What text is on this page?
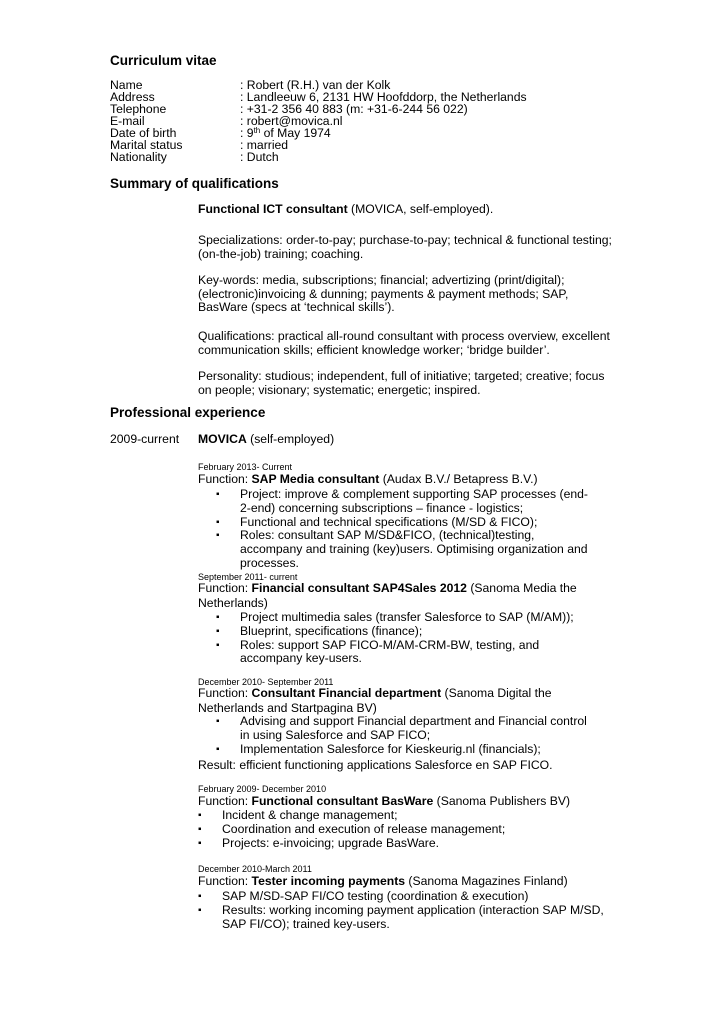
Curriculum vitae
Name	: Robert (R.H.) van der Kolk
Address	: Landleeuw 6, 2131 HW Hoofddorp, the Netherlands
Telephone	: +31-2 356 40 883 (m: +31-6-244 56 022)
E-mail	: robert@movica.nl
Date of birth	: 9th of May 1974
Marital status	: married
Nationality	: Dutch
Summary of qualifications
Functional ICT consultant (MOVICA, self-employed).

Specializations: order-to-pay; purchase-to-pay; technical & functional testing; (on-the-job) training; coaching.

Key-words: media, subscriptions; financial; advertizing (print/digital); (electronic)invoicing & dunning; payments & payment methods; SAP, BasWare (specs at ‘technical skills’).

Qualifications: practical all-round consultant with process overview, excellent communication skills; efficient knowledge worker; ‘bridge builder’.

Personality: studious; independent, full of initiative; targeted; creative; focus on people; visionary; systematic; energetic; inspired.

Professional experience
2009-current MOVICA (self-employed)
February 2013- Current
Function: SAP Media consultant (Audax B.V./ Betapress B.V.)
▪ Project: improve & complement supporting SAP processes (end-2-end) concerning subscriptions – finance - logistics;
▪ Functional and technical specifications (M/SD & FICO);
▪ Roles: consultant SAP M/SD&FICO, (technical)testing, accompany and training (key)users. Optimising organization and processes.
September 2011- current
Function: Financial consultant SAP4Sales 2012 (Sanoma Media the Netherlands)
▪ Project multimedia sales (transfer Salesforce to SAP (M/AM));
▪ Blueprint, specifications (finance);
▪ Roles: support SAP FICO-M/AM-CRM-BW, testing, and accompany key-users.
December 2010- September 2011
Function: Consultant Financial department (Sanoma Digital the Netherlands and Startpagina BV)
▪ Advising and support Financial department and Financial control in using Salesforce and SAP FICO;
▪ Implementation Salesforce for Kieskeurig.nl (financials);
Result: efficient functioning applications Salesforce en SAP FICO.
February 2009- December 2010
Function: Functional consultant BasWare (Sanoma Publishers BV)
▪ Incident & change management;
▪ Coordination and execution of release management;
▪ Projects: e-invoicing; upgrade BasWare.
December 2010-March 2011
Function: Tester incoming payments (Sanoma Magazines Finland)
▪ SAP M/SD-SAP FI/CO testing (coordination & execution)
▪ Results: working incoming payment application (interaction SAP M/SD, SAP FI/CO); trained key-users.
